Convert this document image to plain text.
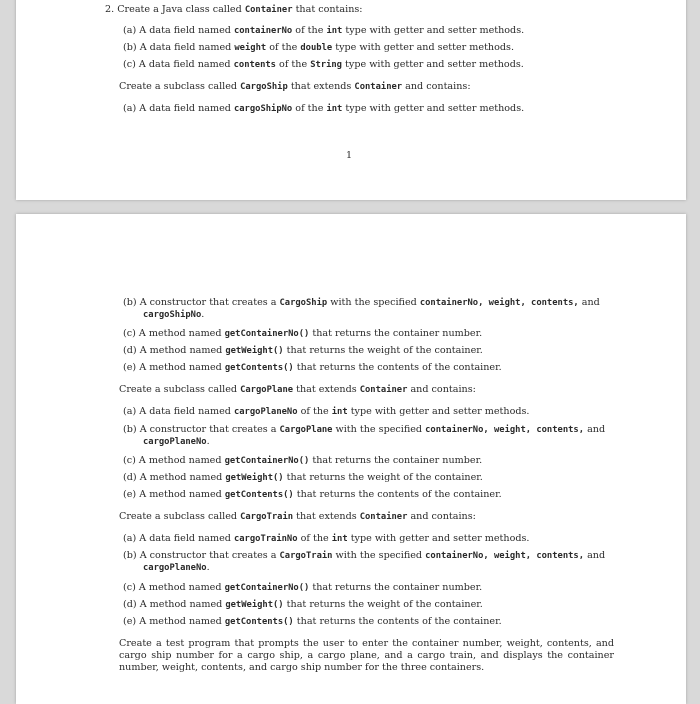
2. Create a Java class called Container that contains:
(a) A data field named containerNo of the int type with getter and setter methods.
(b) A data field named weight of the double type with getter and setter methods.
(c) A data field named contents of the String type with getter and setter methods.
Create a subclass called CargoShip that extends Container and contains:
(a) A data field named cargoShipNo of the int type with getter and setter methods.
1
(b) A constructor that creates a CargoShip with the specified containerNo, weight, contents, and
cargoShipNo.
(c) A method named getContainerNo() that returns the container number.
(d) A method named getWeight() that returns the weight of the container.
(e) A method named getContents() that returns the contents of the container.
Create a subclass called CargoPlane that extends Container and contains:
(a) A data field named cargoPlaneNo of the int type with getter and setter methods.
(b) A constructor that creates a CargoPlane with the specified containerNo, weight, contents, and
cargoPlaneNo.
(c) A method named getContainerNo() that returns the container number.
(d) A method named getWeight() that returns the weight of the container.
(e) A method named getContents() that returns the contents of the container.
Create a subclass called CargoTrain that extends Container and contains:
(a) A data field named cargoTrainNo of the int type with getter and setter methods.
(b) A constructor that creates a CargoTrain with the specified containerNo, weight, contents, and
cargoPlaneNo.
(c) A method named getContainerNo() that returns the container number.
(d) A method named getWeight() that returns the weight of the container.
(e) A method named getContents() that returns the contents of the container.
Create a test program that prompts the user to enter the container number, weight, contents, and cargo ship number for a cargo ship, a cargo plane, and a cargo train, and displays the container number, weight, contents, and cargo ship number for the three containers.
